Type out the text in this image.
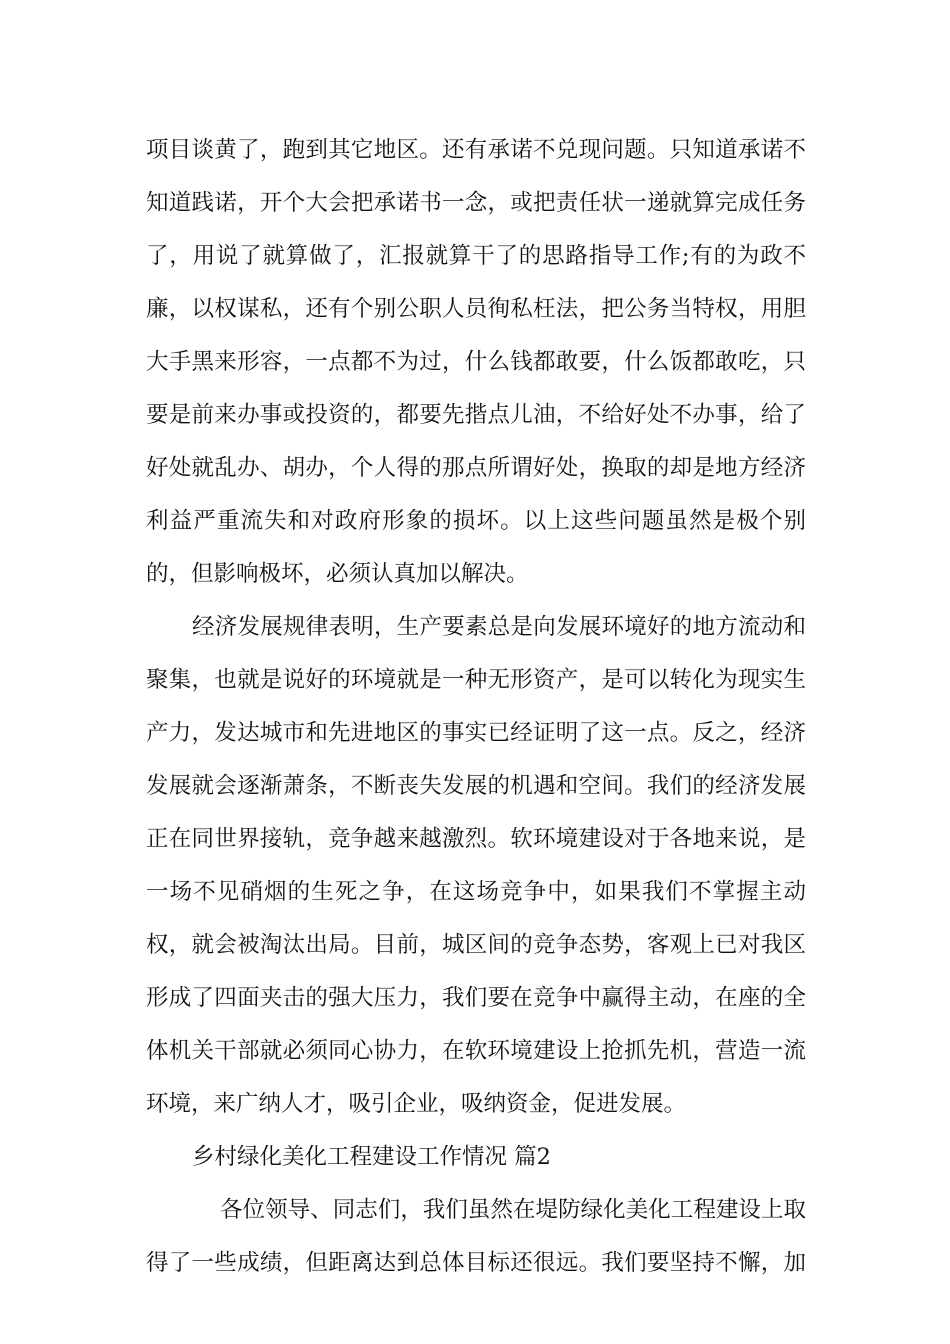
项目谈黄了，跑到其它地区。还有承诺不兑现问题。只知道承诺不
知道践诺，开个大会把承诺书一念，或把责任状一递就算完成任务
了，用说了就算做了，汇报就算干了的思路指导工作;有的为政不
廉，以权谋私，还有个别公职人员徇私枉法，把公务当特权，用胆
大手黑来形容，一点都不为过，什么钱都敢要，什么饭都敢吃，只
要是前来办事或投资的，都要先揩点儿油，不给好处不办事，给了
好处就乱办、胡办，个人得的那点所谓好处，换取的却是地方经济
利益严重流失和对政府形象的损坏。以上这些问题虽然是极个别
的，但影响极坏，必须认真加以解决。
经济发展规律表明，生产要素总是向发展环境好的地方流动和
聚集，也就是说好的环境就是一种无形资产，是可以转化为现实生
产力，发达城市和先进地区的事实已经证明了这一点。反之，经济
发展就会逐渐萧条，不断丧失发展的机遇和空间。我们的经济发展
正在同世界接轨，竞争越来越激烈。软环境建设对于各地来说，是
一场不见硝烟的生死之争，在这场竞争中，如果我们不掌握主动
权，就会被淘汰出局。目前，城区间的竞争态势，客观上已对我区
形成了四面夹击的强大压力，我们要在竞争中赢得主动，在座的全
体机关干部就必须同心协力，在软环境建设上抢抓先机，营造一流
环境，来广纳人才，吸引企业，吸纳资金，促进发展。
乡村绿化美化工程建设工作情况 篇2
各位领导、同志们，我们虽然在堤防绿化美化工程建设上取
得了一些成绩，但距离达到总体目标还很远。我们要坚持不懈，加
